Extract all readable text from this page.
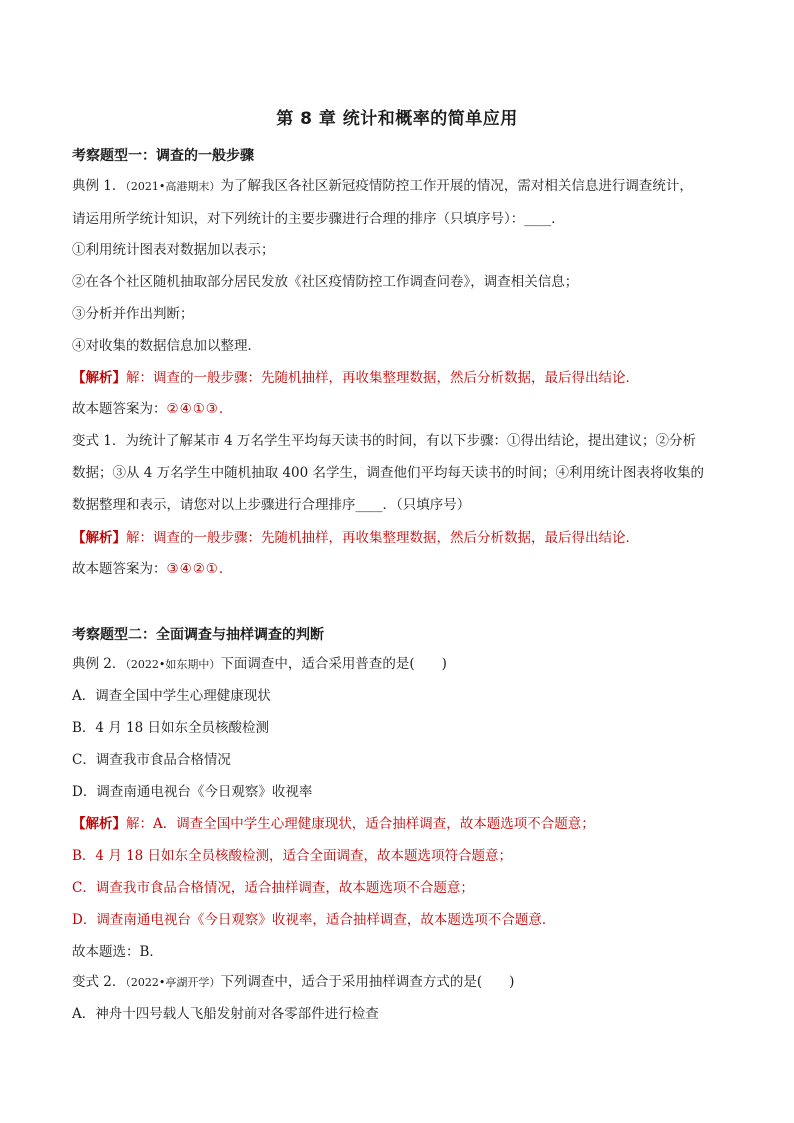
第 8 章 统计和概率的简单应用
考察题型一：调查的一般步骤
典例 1．（2021•高港期末）为了解我区各社区新冠疫情防控工作开展的情况，需对相关信息进行调查统计，
请运用所学统计知识，对下列统计的主要步骤进行合理的排序（只填序号）：____．
①利用统计图表对数据加以表示；
②在各个社区随机抽取部分居民发放《社区疫情防控工作调查问卷》，调查相关信息；
③分析并作出判断；
④对收集的数据信息加以整理．
【解析】解：调查的一般步骤：先随机抽样，再收集整理数据，然后分析数据，最后得出结论．
故本题答案为：②④①③．
变式 1．为统计了解某市 4 万名学生平均每天读书的时间，有以下步骤：①得出结论，提出建议；②分析
数据；③从 4 万名学生中随机抽取 400 名学生，调查他们平均每天读书的时间；④利用统计图表将收集的
数据整理和表示，请您对以上步骤进行合理排序____．（只填序号）
【解析】解：调查的一般步骤：先随机抽样，再收集整理数据，然后分析数据，最后得出结论．
故本题答案为：③④②①．
考察题型二：全面调查与抽样调查的判断
典例 2．（2022•如东期中）下面调查中，适合采用普查的是(　　)
A．调查全国中学生心理健康现状
B．4 月 18 日如东全员核酸检测
C．调查我市食品合格情况
D．调查南通电视台《今日观察》收视率
【解析】解：A．调查全国中学生心理健康现状，适合抽样调查，故本题选项不合题意；
B．4 月 18 日如东全员核酸检测，适合全面调查，故本题选项符合题意；
C．调查我市食品合格情况，适合抽样调查，故本题选项不合题意；
D．调查南通电视台《今日观察》收视率，适合抽样调查，故本题选项不合题意．
故本题选：B．
变式 2．（2022•亭湖开学）下列调查中，适合于采用抽样调查方式的是(　　)
A．神舟十四号载人飞船发射前对各零部件进行检查
